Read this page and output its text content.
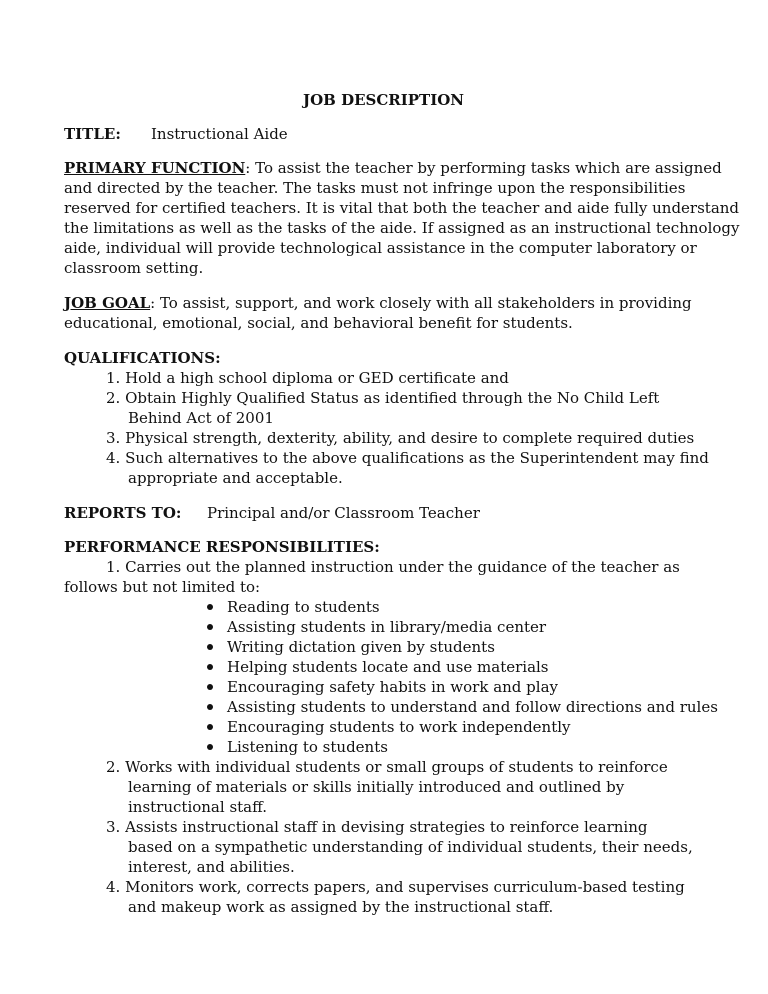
JOB DESCRIPTION
TITLE: Instructional Aide
PRIMARY FUNCTION: To assist the teacher by performing tasks which are assigned
and directed by the teacher. The tasks must not infringe upon the responsibilities
reserved for certified teachers. It is vital that both the teacher and aide fully understand
the limitations as well as the tasks of the aide. If assigned as an instructional technology
aide, individual will provide technological assistance in the computer laboratory or
classroom setting.
JOB GOAL: To assist, support, and work closely with all stakeholders in providing
educational, emotional, social, and behavioral benefit for students.
QUALIFICATIONS:
1. Hold a high school diploma or GED certificate and
2. Obtain Highly Qualified Status as identified through the No Child Left
Behind Act of 2001
3. Physical strength, dexterity, ability, and desire to complete required duties
4. Such alternatives to the above qualifications as the Superintendent may find
appropriate and acceptable.
REPORTS TO: Principal and/or Classroom Teacher
PERFORMANCE RESPONSIBILITIES:
1. Carries out the planned instruction under the guidance of the teacher as
follows but not limited to:
Reading to students
Assisting students in library/media center
Writing dictation given by students
Helping students locate and use materials
Encouraging safety habits in work and play
Assisting students to understand and follow directions and rules
Encouraging students to work independently
Listening to students
2. Works with individual students or small groups of students to reinforce
learning of materials or skills initially introduced and outlined by
instructional staff.
3. Assists instructional staff in devising strategies to reinforce learning
based on a sympathetic understanding of individual students, their needs,
interest, and abilities.
4. Monitors work, corrects papers, and supervises curriculum-based testing
and makeup work as assigned by the instructional staff.
